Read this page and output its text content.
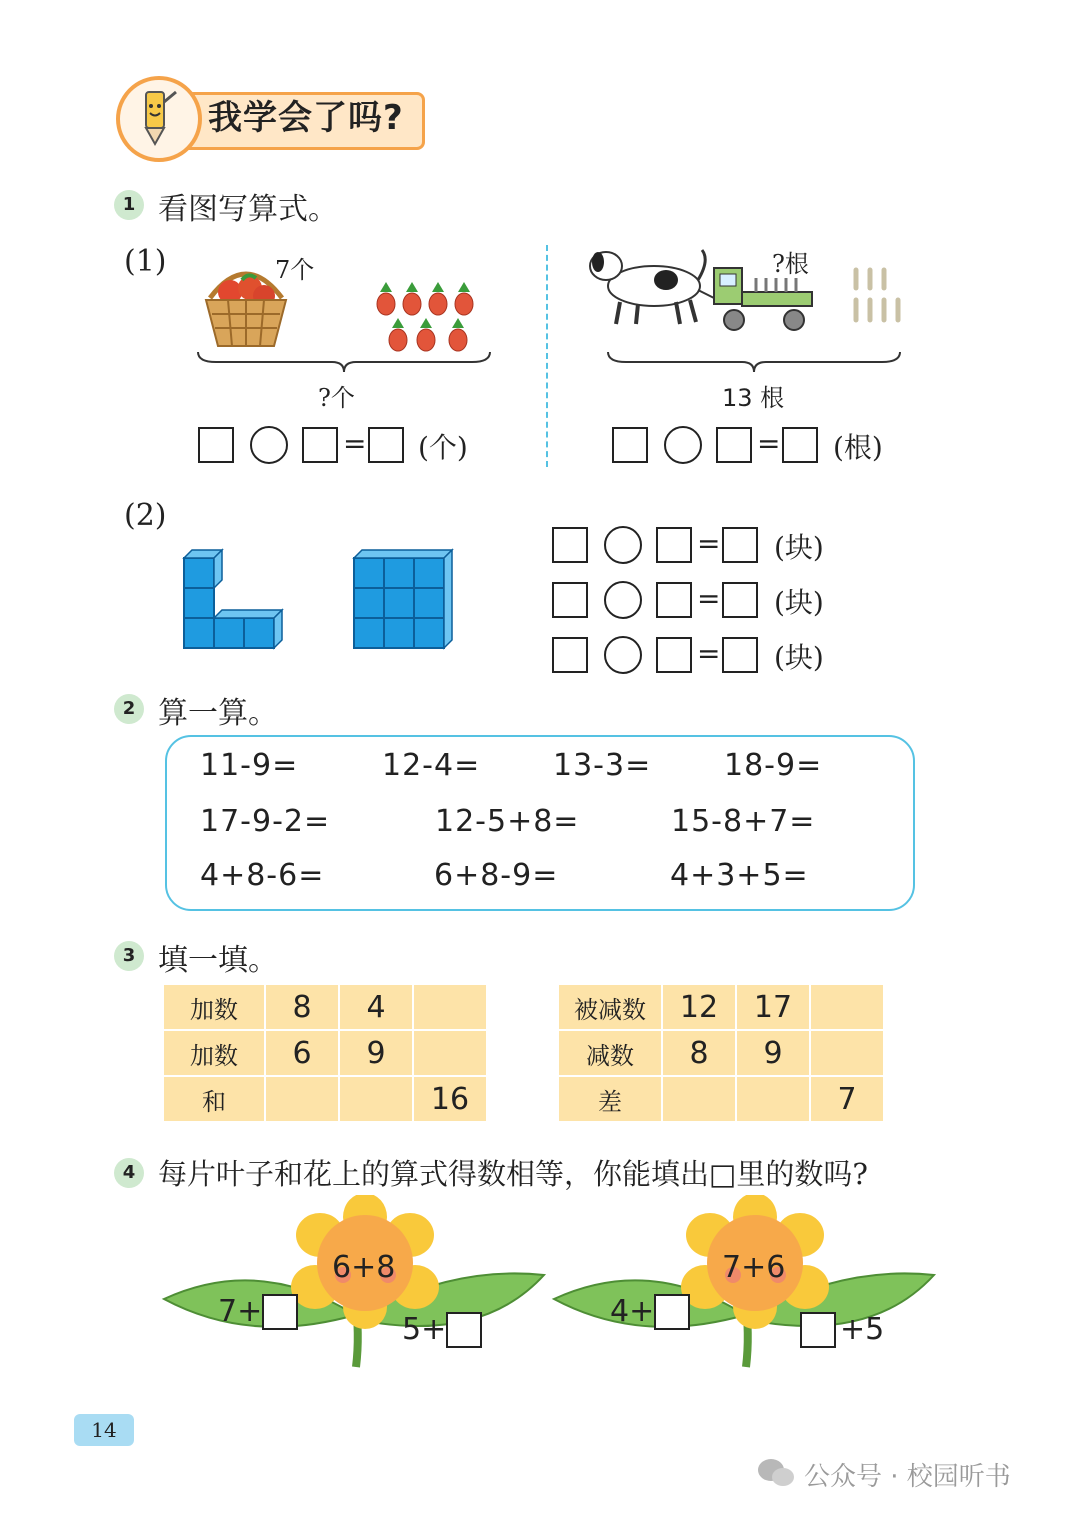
我学会了吗?
1 看图写算式。
(1)	7个
?个
= (个)
?根
13 根
= (根)
(2)
= (块)
= (块)
= (块)
2 算一算。
11-9=	12-4= 13-3= 18-9=
17-9-2=	12-5+8=	15-8+7=
4+8-6=	6+8-9=	4+3+5=
3 填一填。
加数	8	4	
加数	6	9	
和			16
被减数	12	17	
减数	8	9	
差			7
4 每片叶子和花上的算式得数相等，你能填出□里的数吗?
6+8
7+
5+
7+6
4+
+5
14
公众号 · 校园听书
